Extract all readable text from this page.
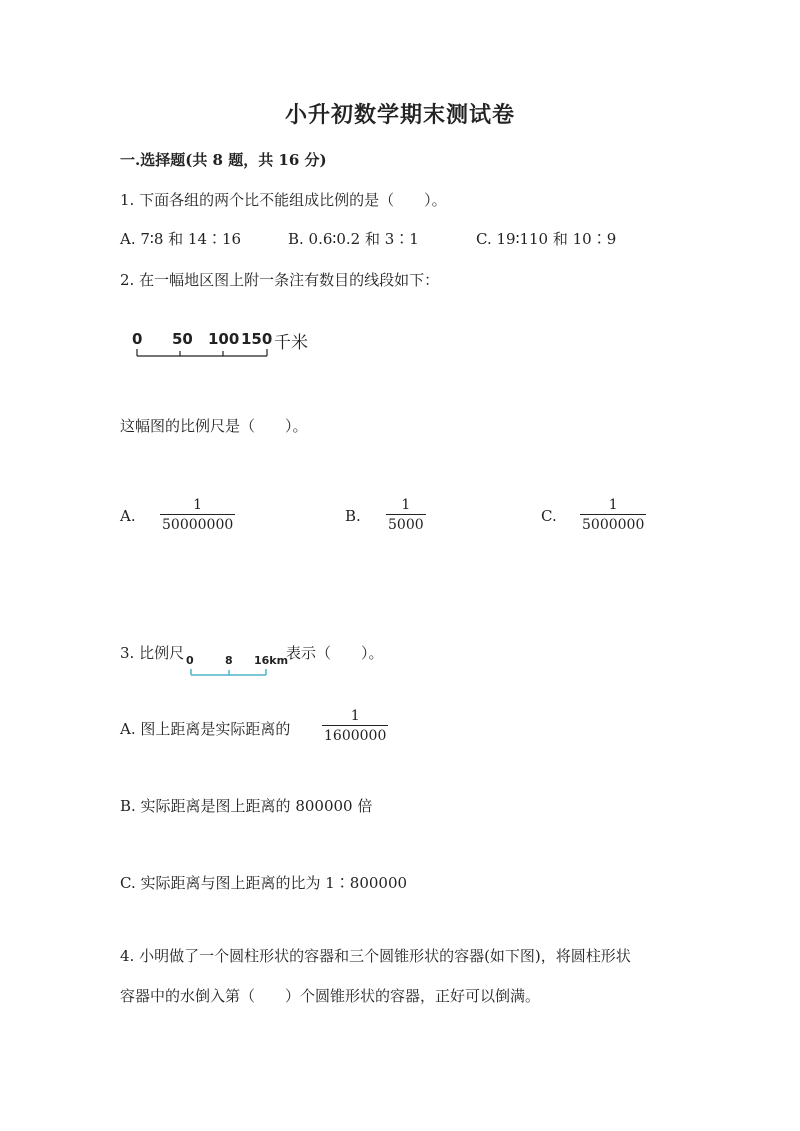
小升初数学期末测试卷
一.选择题(共 8 题，共 16 分)
1. 下面各组的两个比不能组成比例的是（　　）。
A. 7∶8 和 14∶16	B. 0.6∶0.2 和 3∶1	C. 19∶110 和 10∶9
2. 在一幅地区图上附一条注有数目的线段如下：
0 50 100 150 千米
这幅图的比例尺是（　　）。
A. $\frac{1}{50000000}$	B. $\frac{1}{5000}$	C. $\frac{1}{5000000}$
3. 比例尺 0	8 16km
表示（　　）。
A. 图上距离是实际距离的 $\frac{1}{1600000}$
B. 实际距离是图上距离的 800000 倍
C. 实际距离与图上距离的比为 1∶800000
4. 小明做了一个圆柱形状的容器和三个圆锥形状的容器(如下图)，将圆柱形状
容器中的水倒入第（　　）个圆锥形状的容器，正好可以倒满。
